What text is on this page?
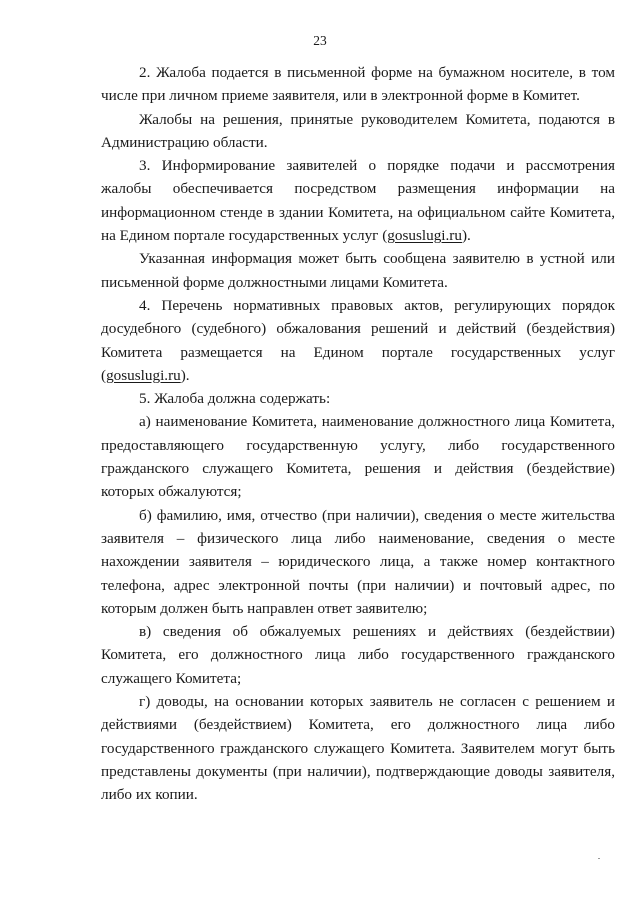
23

2. Жалоба подается в письменной форме на бумажном носителе, в том числе при личном приеме заявителя, или в электронной форме в Комитет.

Жалобы на решения, принятые руководителем Комитета, подаются в Администрацию области.

3. Информирование заявителей о порядке подачи и рассмотрения жалобы обеспечивается посредством размещения информации на информационном стенде в здании Комитета, на официальном сайте Комитета, на Едином портале государственных услуг (gosuslugi.ru).

Указанная информация может быть сообщена заявителю в устной или письменной форме должностными лицами Комитета.

4. Перечень нормативных правовых актов, регулирующих порядок досудебного (судебного) обжалования решений и действий (бездействия) Комитета размещается на Едином портале государственных услуг (gosuslugi.ru).

5. Жалоба должна содержать:

а) наименование Комитета, наименование должностного лица Комитета, предоставляющего государственную услугу, либо государственного гражданского служащего Комитета, решения и действия (бездействие) которых обжалуются;

б) фамилию, имя, отчество (при наличии), сведения о месте жительства заявителя – физического лица либо наименование, сведения о месте нахождении заявителя – юридического лица, а также номер контактного телефона, адрес электронной почты (при наличии) и почтовый адрес, по которым должен быть направлен ответ заявителю;

в) сведения об обжалуемых решениях и действиях (бездействии) Комитета, его должностного лица либо государственного гражданского служащего Комитета;

г) доводы, на основании которых заявитель не согласен с решением и действиями (бездействием) Комитета, его должностного лица либо государственного гражданского служащего Комитета. Заявителем могут быть представлены документы (при наличии), подтверждающие доводы заявителя, либо их копии.
